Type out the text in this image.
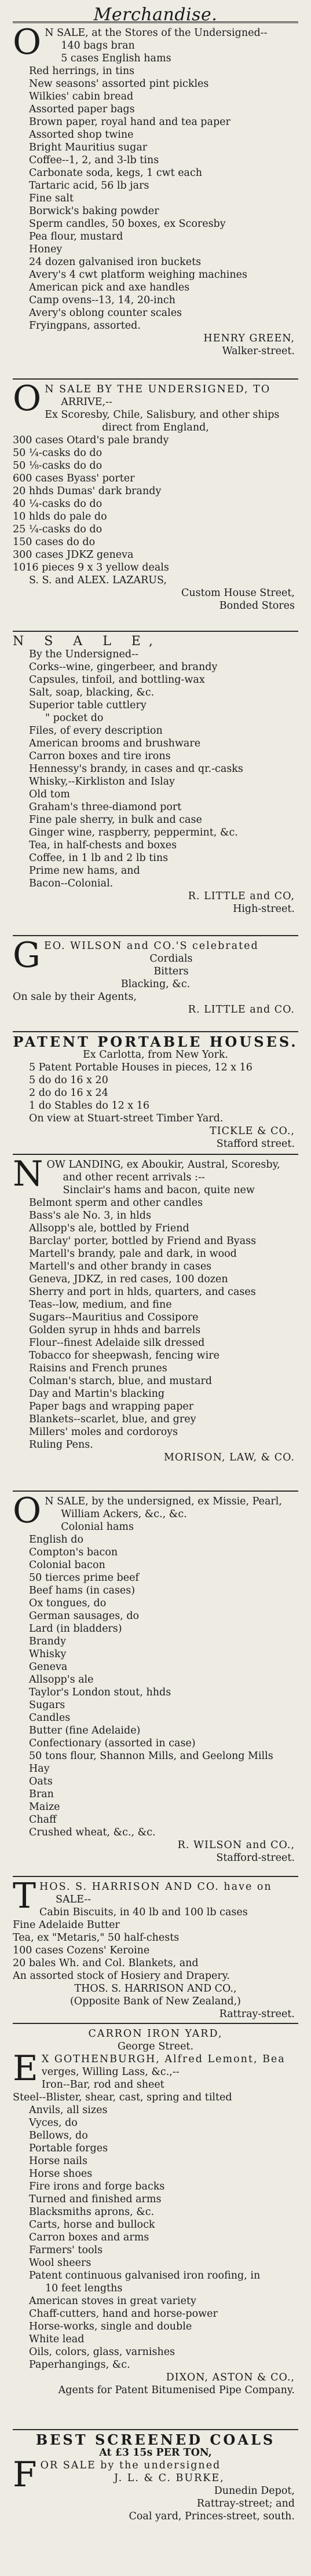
Merchandise.
O N SALE, at the Stores of the Undersigned--
140 bags bran
5 cases English hams
Red herrings, in tins
New seasons' assorted pint pickles
Wilkies' cabin bread
Assorted paper bags
Brown paper, royal hand and tea paper
Assorted shop twine
Bright Mauritius sugar
Coffee--1, 2, and 3-lb tins
Carbonate soda, kegs, 1 cwt each
Tartaric acid, 56 lb jars
Fine salt
Borwick's baking powder
Sperm candles, 50 boxes, ex Scoresby
Pea flour, mustard
Honey
24 dozen galvanised iron buckets
Avery's 4 cwt platform weighing machines
American pick and axe handles
Camp ovens--13, 14, 20-inch
Avery's oblong counter scales
Fryingpans, assorted.
HENRY GREEN,
Walker-street.
O N SALE BY THE UNDERSIGNED, TO
ARRIVE,--
Ex Scoresby, Chile, Salisbury, and other ships
direct from England,
300 cases Otard's pale brandy
50 ¼-casks do do
50 ⅛-casks do do
600 cases Byass' porter
20 hhds Dumas' dark brandy
40 ¼-casks do do
10 hlds do pale do
25 ¼-casks do do
150 cases do do
300 cases JDKZ geneva
1016 pieces 9 x 3 yellow deals
S. S. and ALEX. LAZARUS,
Custom House Street,
Bonded Stores
N S A L E,
By the Undersigned--
Corks--wine, gingerbeer, and brandy
Capsules, tinfoil, and bottling-wax
Salt, soap, blacking, &c.
Superior table cuttlery
" pocket do
Files, of every description
American brooms and brushware
Carron boxes and tire irons
Hennessy's brandy, in cases and qr.-casks
Whisky,--Kirkliston and Islay
Old tom
Graham's three-diamond port
Fine pale sherry, in bulk and case
Ginger wine, raspberry, peppermint, &c.
Tea, in half-chests and boxes
Coffee, in 1 lb and 2 lb tins
Prime new hams, and
Bacon--Colonial.
R. LITTLE and CO,
High-street.
G EO. WILSON and CO.'S celebrated
Cordials
Bitters
Blacking, &c.
On sale by their Agents,
R. LITTLE and CO.
PATENT PORTABLE HOUSES.
Ex Carlotta, from New York.
5 Patent Portable Houses in pieces, 12 x 16
5 do do 16 x 20
2 do do 16 x 24
1 do Stables do 12 x 16
On view at Stuart-street Timber Yard.
TICKLE & CO.,
Stafford street.
N OW LANDING, ex Aboukir, Austral, Scoresby,
and other recent arrivals :--
Sinclair's hams and bacon, quite new
Belmont sperm and other candles
Bass's ale No. 3, in hlds
Allsopp's ale, bottled by Friend
Barclay' porter, bottled by Friend and Byass
Martell's brandy, pale and dark, in wood
Martell's and other brandy in cases
Geneva, JDKZ, in red cases, 100 dozen
Sherry and port in hlds, quarters, and cases
Teas--low, medium, and fine
Sugars--Mauritius and Cossipore
Golden syrup in hhds and barrels
Flour--finest Adelaide silk dressed
Tobacco for sheepwash, fencing wire
Raisins and French prunes
Colman's starch, blue, and mustard
Day and Martin's blacking
Paper bags and wrapping paper
Blankets--scarlet, blue, and grey
Millers' moles and cordoroys
Ruling Pens.
MORISON, LAW, & CO.
O N SALE, by the undersigned, ex Missie, Pearl,
William Ackers, &c., &c.
Colonial hams
English do
Compton's bacon
Colonial bacon
50 tierces prime beef
Beef hams (in cases)
Ox tongues, do
German sausages, do
Lard (in bladders)
Brandy
Whisky
Geneva
Allsopp's ale
Taylor's London stout, hhds
Sugars
Candles
Butter (fine Adelaide)
Confectionary (assorted in case)
50 tons flour, Shannon Mills, and Geelong Mills
Hay
Oats
Bran
Maize
Chaff
Crushed wheat, &c., &c.
R. WILSON and CO.,
Stafford-street.
T HOS. S. HARRISON AND CO. have on
SALE--
Cabin Biscuits, in 40 lb and 100 lb cases
Fine Adelaide Butter
Tea, ex "Metaris," 50 half-chests
100 cases Cozens' Keroine
20 bales Wh. and Col. Blankets, and
An assorted stock of Hosiery and Drapery.
THOS. S. HARRISON AND CO.,
(Opposite Bank of New Zealand,)
Rattray-street.
CARRON IRON YARD,
George Street.
E X GOTHENBURGH, Alfred Lemont, Bea
verges, Willing Lass, &c.,--
Iron--Bar, rod and sheet
Steel--Blister, shear, cast, spring and tilted
Anvils, all sizes
Vyces, do
Bellows, do
Portable forges
Horse nails
Horse shoes
Fire irons and forge backs
Turned and finished arms
Blacksmiths aprons, &c.
Carts, horse and bullock
Carron boxes and arms
Farmers' tools
Wool sheers
Patent continuous galvanised iron roofing, in
10 feet lengths
American stoves in great variety
Chaff-cutters, hand and horse-power
Horse-works, single and double
White lead
Oils, colors, glass, varnishes
Paperhangings, &c.
DIXON, ASTON & CO.,
Agents for Patent Bitumenised Pipe Company.
BEST SCREENED COALS
At £3 15s PER TON,
F OR SALE by the undersigned
J. L. & C. BURKE,
Dunedin Depot,
Rattray-street; and
Coal yard, Princes-street, south.
